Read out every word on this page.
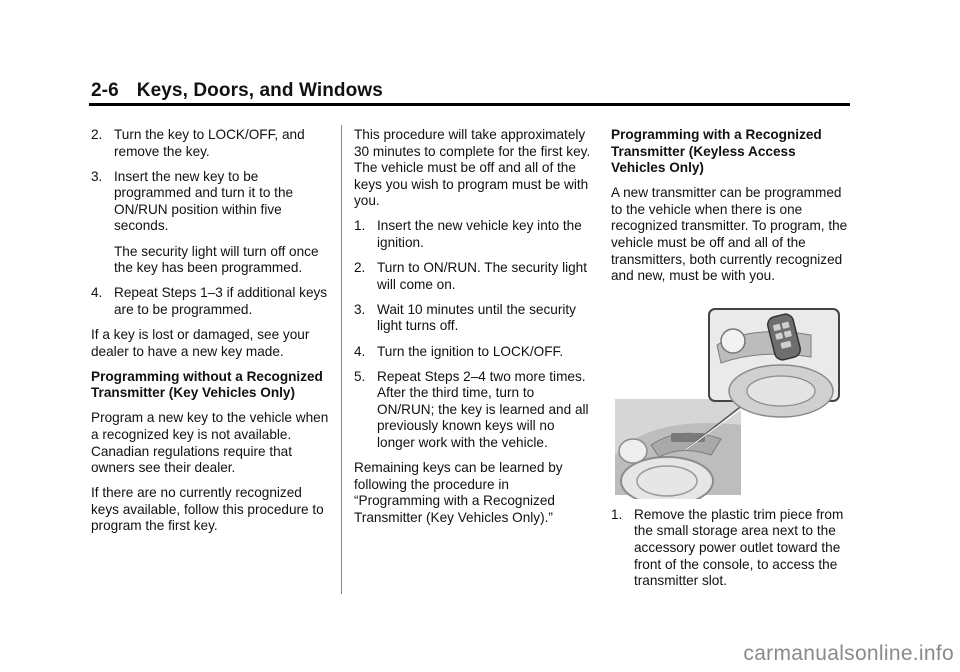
2-6 Keys, Doors, and Windows
2. Turn the key to LOCK/OFF, and remove the key.
3. Insert the new key to be programmed and turn it to the ON/RUN position within five seconds.
The security light will turn off once the key has been programmed.
4. Repeat Steps 1–3 if additional keys are to be programmed.

If a key is lost or damaged, see your dealer to have a new key made.

Programming without a Recognized Transmitter (Key Vehicles Only)

Program a new key to the vehicle when a recognized key is not available. Canadian regulations require that owners see their dealer.

If there are no currently recognized keys available, follow this procedure to program the first key.

This procedure will take approximately 30 minutes to complete for the first key. The vehicle must be off and all of the keys you wish to program must be with you.

1. Insert the new vehicle key into the ignition.
2. Turn to ON/RUN. The security light will come on.
3. Wait 10 minutes until the security light turns off.
4. Turn the ignition to LOCK/OFF.
5. Repeat Steps 2–4 two more times. After the third time, turn to ON/RUN; the key is learned and all previously known keys will no longer work with the vehicle.

Remaining keys can be learned by following the procedure in “Programming with a Recognized Transmitter (Key Vehicles Only).”

Programming with a Recognized Transmitter (Keyless Access Vehicles Only)

A new transmitter can be programmed to the vehicle when there is one recognized transmitter. To program, the vehicle must be off and all of the transmitters, both currently recognized and new, must be with you.

1. Remove the plastic trim piece from the small storage area next to the accessory power outlet toward the front of the console, to access the transmitter slot.
carmanualsonline.info
